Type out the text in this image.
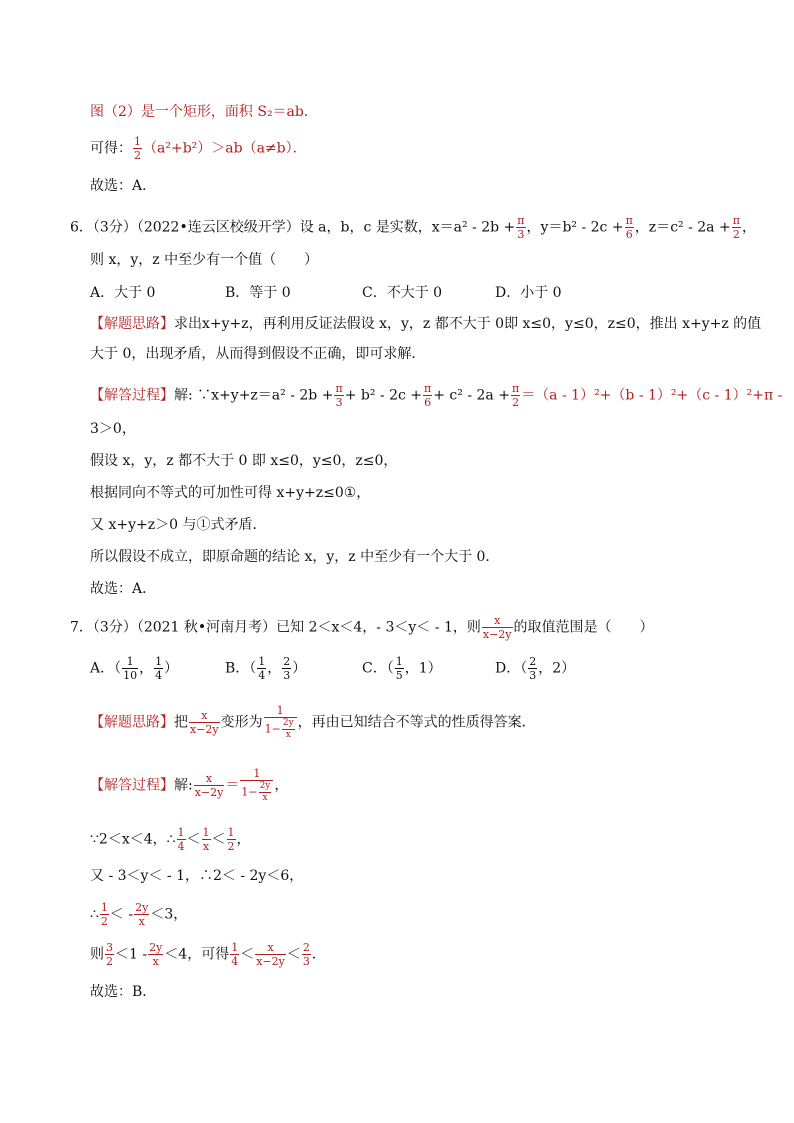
图（2）是一个矩形，面积 S₂＝ab．
可得： $\frac{1}{2} (a^2+b^2)>ab(a\ne b)$．
故选：A．
6．（3分）（2022•连云区校级开学）设 a，b，c 是实数，$x=a^2 - 2b + \frac{\pi}{3}$ ，$y=b^2 - 2c + \frac{\pi}{6}$ ，$z=c^2 - 2a + \frac{\pi}{2}$ ，
则 x，y，z 中至少有一个值（　　）
A．大于 0	B．等于 0	C．不大于 0	D．小于 0
【解题思路】求出x+y+z，再利用反证法假设 x，y，z 都不大于 0即 x≤0，y≤0，z≤0，推出 x+y+z 的值
大于 0，出现矛盾，从而得到假设不正确，即可求解．
【解答过程】解: ∵x+y+z＝a² - $2b + \frac{\pi}{3} + b^2 - 2c + \frac{\pi}{6} + c^2 - 2a + \frac{\pi}{2} =(a - 1)^2+(b - 1)^2+(c - 1)^2+\pi$ -
3＞0，
假设 x，y，z 都不大于 0 即 x≤0，y≤0，z≤0，
根据同向不等式的可加性可得 x+y+z≤0①，
又 x+y+z＞0 与①式矛盾．
所以假设不成立，即原命题的结论 x，y，z 中至少有一个大于 0．
故选：A．
7．（3分）（2021 秋•河南月考）已知 2＜x＜4，- 3＜y＜ - 1，则 $\frac{x}{x-2y}$ 的取值范围是（　　）
A．（ $\frac{1}{10}$ ， $\frac{1}{4}$ ）	B．（ $\frac{1}{4}$ ， $\frac{2}{3}$ ）	C．（ $\frac{1}{5}$ ，1）	D．（ $\frac{2}{3}$ ，2）
【解题思路】把 $\frac{x}{x-2y}$ 变形为 $\frac{1}{1- \frac{2y}{x}}$ ，再由已知结合不等式的性质得答案．
【解答过程】解: $\frac{x}{x-2y} = \frac{1}{1- \frac{2y}{x}}$ ，
∵2＜x＜4，∴ $\frac{1}{4} < \frac{1}{x} < \frac{1}{2}$ ，
又 - 3＜y＜ - 1，∴2＜ - 2y＜6，
∴ $\frac{1}{2}$ ＜ - $\frac{2y}{x} <3$，
则 $\frac{3}{2} <1 - \frac{2y}{x} <4$，可得 $\frac{1}{4} < \frac{x}{x-2y} < \frac{2}{3}$ ．
故选：B．
